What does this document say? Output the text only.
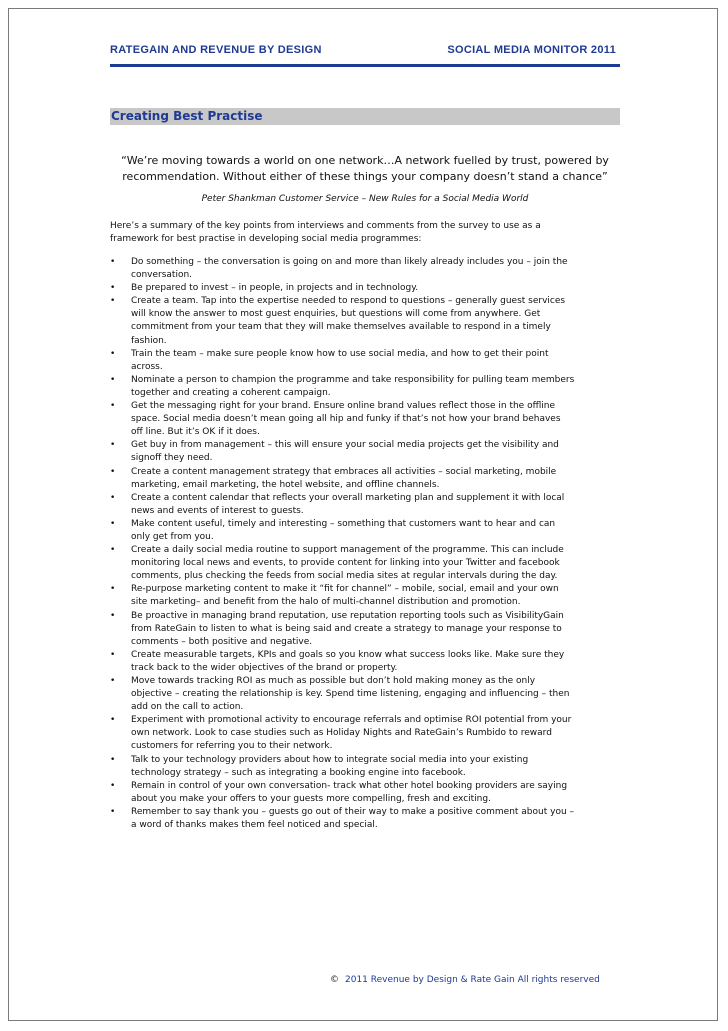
RATEGAIN AND REVENUE BY DESIGN	SOCIAL MEDIA MONITOR 2011
Creating Best Practise
“We’re moving towards a world on one network…A network fuelled by trust, powered by
recommendation. Without either of these things your company doesn’t stand a chance”
Peter Shankman Customer Service – New Rules for a Social Media World
Here’s a summary of the key points from interviews and comments from the survey to use as a
framework for best practise in developing social media programmes:
• Do something – the conversation is going on and more than likely already includes you – join the
conversation.
• Be prepared to invest – in people, in projects and in technology.
• Create a team. Tap into the expertise needed to respond to questions – generally guest services
will know the answer to most guest enquiries, but questions will come from anywhere. Get
commitment from your team that they will make themselves available to respond in a timely
fashion.
• Train the team – make sure people know how to use social media, and how to get their point
across.
• Nominate a person to champion the programme and take responsibility for pulling team members
together and creating a coherent campaign.
• Get the messaging right for your brand. Ensure online brand values reflect those in the offline
space. Social media doesn’t mean going all hip and funky if that’s not how your brand behaves
off line. But it’s OK if it does.
• Get buy in from management – this will ensure your social media projects get the visibility and
signoff they need.
• Create a content management strategy that embraces all activities – social marketing, mobile
marketing, email marketing, the hotel website, and offline channels.
• Create a content calendar that reflects your overall marketing plan and supplement it with local
news and events of interest to guests.
• Make content useful, timely and interesting – something that customers want to hear and can
only get from you.
• Create a daily social media routine to support management of the programme. This can include
monitoring local news and events, to provide content for linking into your Twitter and facebook
comments, plus checking the feeds from social media sites at regular intervals during the day.
• Re-purpose marketing content to make it “fit for channel” – mobile, social, email and your own
site marketing– and benefit from the halo of multi-channel distribution and promotion.
• Be proactive in managing brand reputation, use reputation reporting tools such as VisibilityGain
from RateGain to listen to what is being said and create a strategy to manage your response to
comments – both positive and negative.
• Create measurable targets, KPIs and goals so you know what success looks like. Make sure they
track back to the wider objectives of the brand or property.
• Move towards tracking ROI as much as possible but don’t hold making money as the only
objective – creating the relationship is key. Spend time listening, engaging and influencing – then
add on the call to action.
• Experiment with promotional activity to encourage referrals and optimise ROI potential from your
own network. Look to case studies such as Holiday Nights and RateGain’s Rumbido to reward
customers for referring you to their network.
• Talk to your technology providers about how to integrate social media into your existing
technology strategy – such as integrating a booking engine into facebook.
• Remain in control of your own conversation- track what other hotel booking providers are saying
about you make your offers to your guests more compelling, fresh and exciting.
• Remember to say thank you – guests go out of their way to make a positive comment about you –
a word of thanks makes them feel noticed and special.
© 2011 Revenue by Design & Rate Gain All rights reserved
